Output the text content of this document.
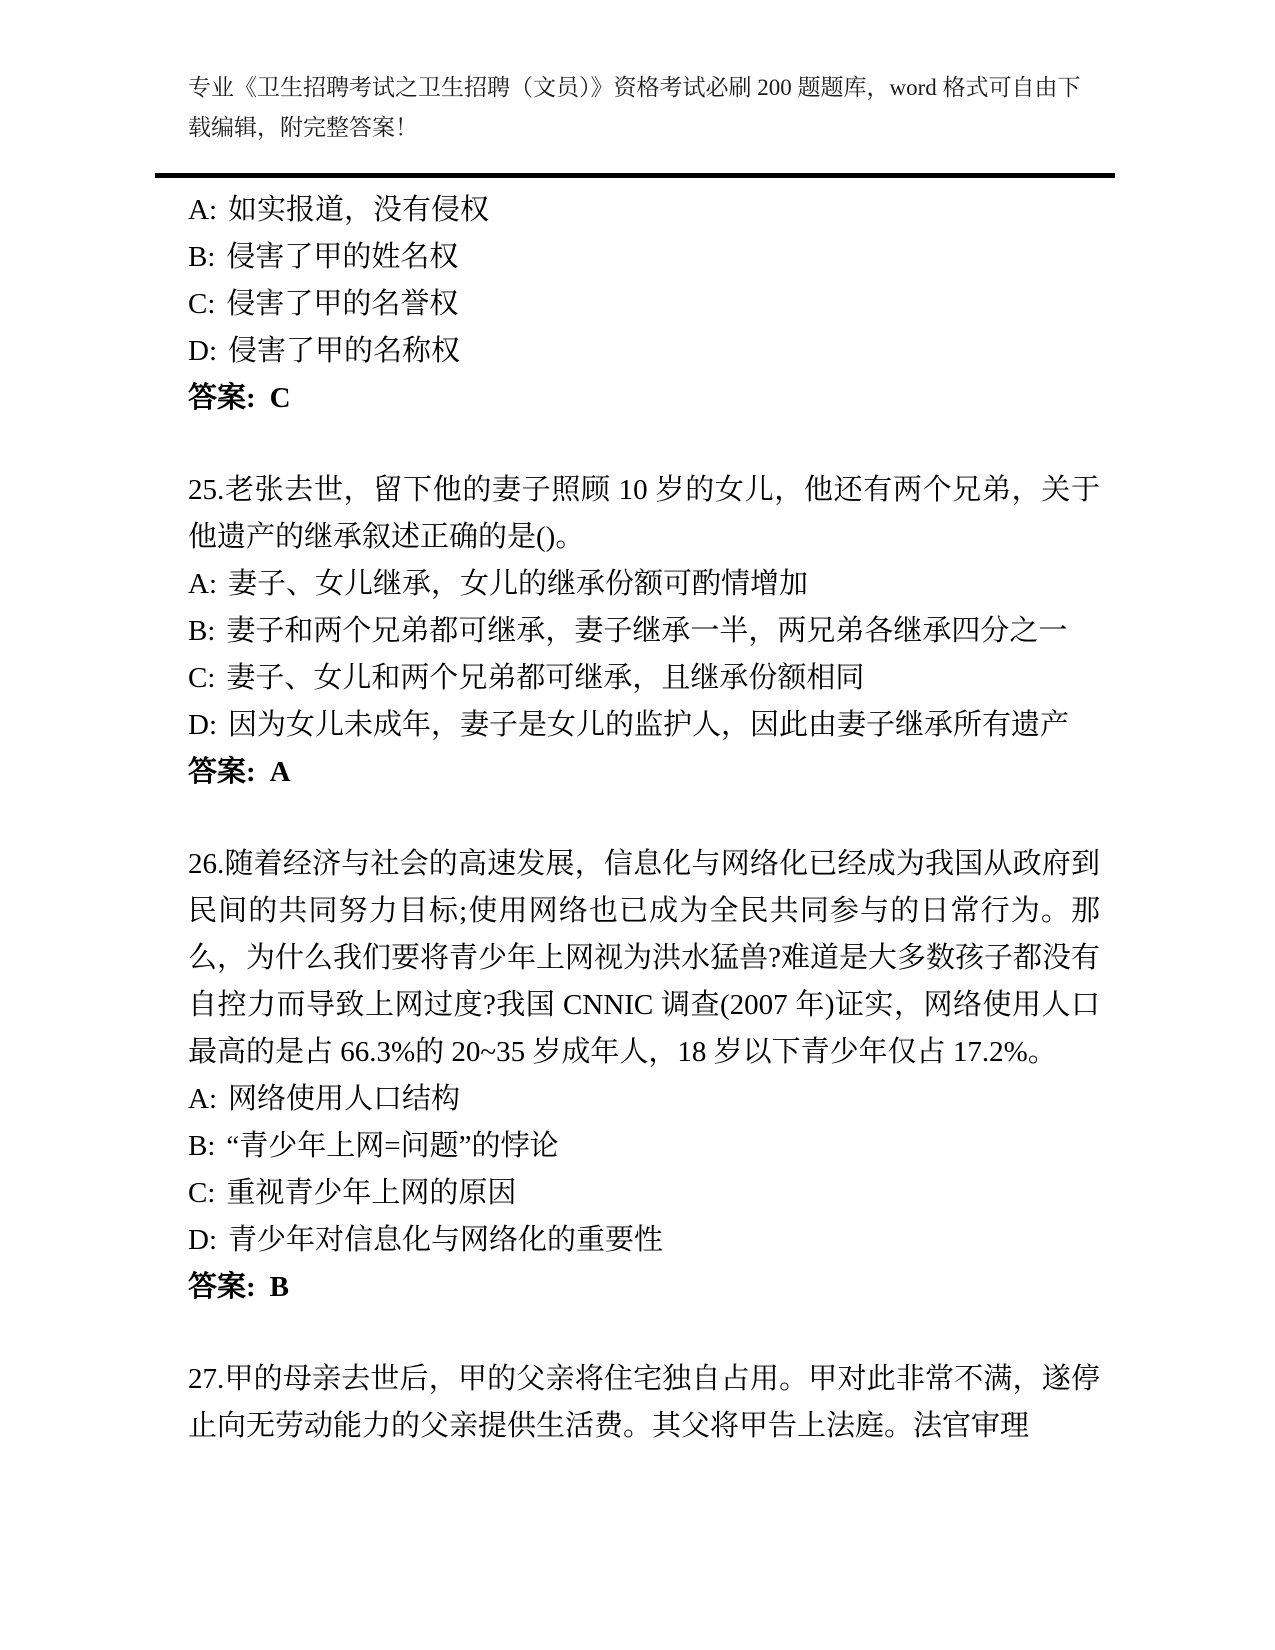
专业《卫生招聘考试之卫生招聘（文员）》资格考试必刷 200 题题库，word 格式可自由下载编辑，附完整答案！

A: 如实报道，没有侵权

B: 侵害了甲的姓名权

C: 侵害了甲的名誉权

D: 侵害了甲的名称权

答案: C

25.老张去世，留下他的妻子照顾 10 岁的女儿，他还有两个兄弟，关于他遗产的继承叙述正确的是()。

A: 妻子、女儿继承，女儿的继承份额可酌情增加

B: 妻子和两个兄弟都可继承，妻子继承一半，两兄弟各继承四分之一

C: 妻子、女儿和两个兄弟都可继承，且继承份额相同

D: 因为女儿未成年，妻子是女儿的监护人，因此由妻子继承所有遗产

答案: A

26.随着经济与社会的高速发展，信息化与网络化已经成为我国从政府到民间的共同努力目标;使用网络也已成为全民共同参与的日常行为。那么，为什么我们要将青少年上网视为洪水猛兽?难道是大多数孩子都没有自控力而导致上网过度?我国 CNNIC 调查(2007 年)证实，网络使用人口最高的是占 66.3%的 20~35 岁成年人，18 岁以下青少年仅占 17.2%。

A: 网络使用人口结构

B: “青少年上网=问题”的悖论

C: 重视青少年上网的原因

D: 青少年对信息化与网络化的重要性

答案: B

27.甲的母亲去世后，甲的父亲将住宅独自占用。甲对此非常不满，遂停止向无劳动能力的父亲提供生活费。其父将甲告上法庭。法官审理
